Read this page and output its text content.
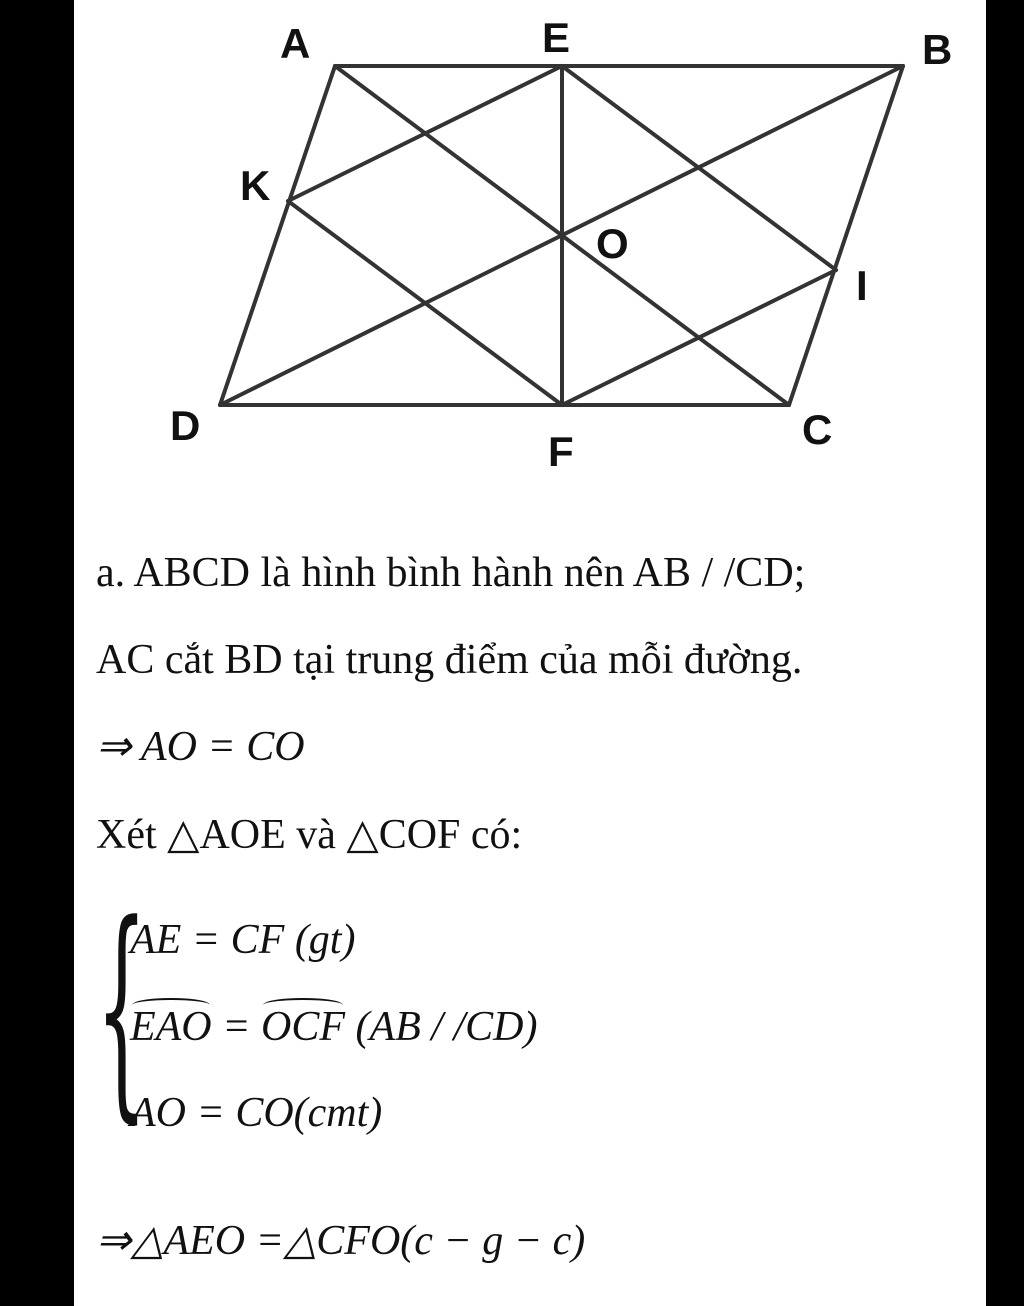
A	E	B
K
O
I
D
F	C
a. ABCD là hình bình hành nên AB / /CD;
AC cắt BD tại trung điểm của mỗi đường.
⇒ AO = CO
Xét △AOE và △COF có:
{
AE = CF (gt)
EAO = OCF (AB / /CD)
AO = CO(cmt)
⇒△AEO =△CFO(c − g − c)
